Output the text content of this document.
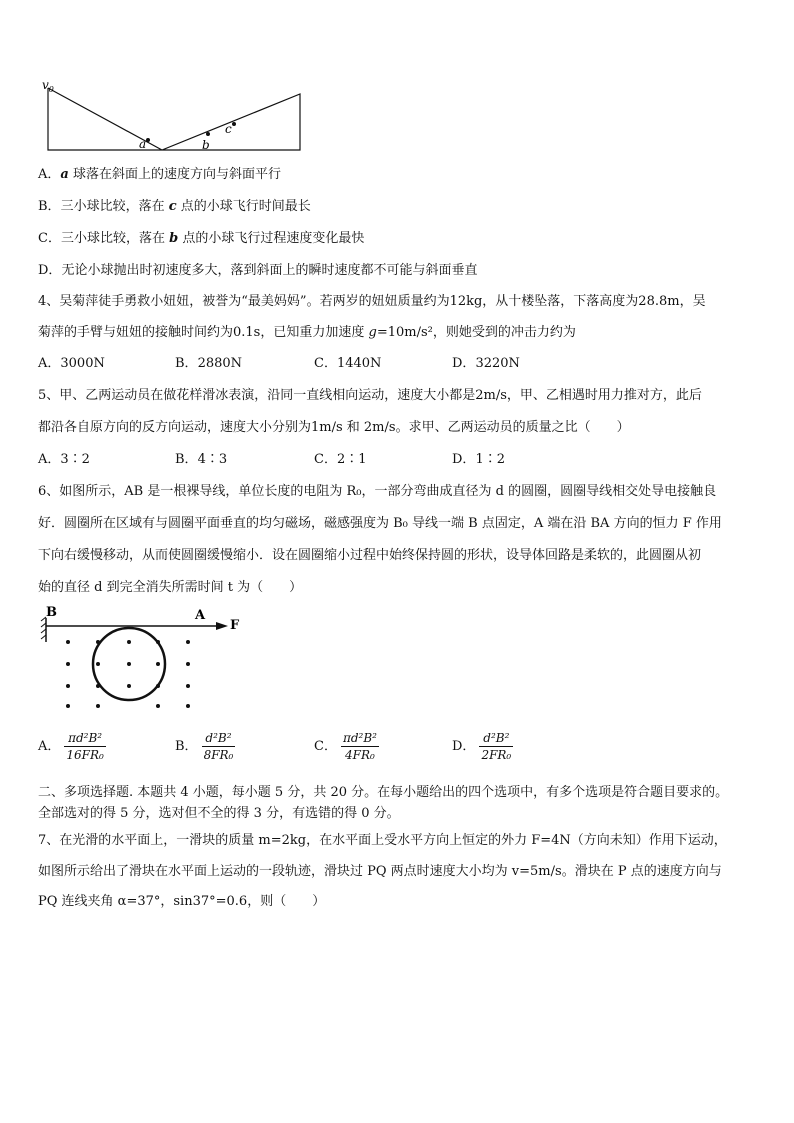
$v_0$
a	b
c
A．a 球落在斜面上的速度方向与斜面平行
B．三小球比较，落在 c 点的小球飞行时间最长
C．三小球比较，落在 b 点的小球飞行过程速度变化最快
D．无论小球抛出时初速度多大，落到斜面上的瞬时速度都不可能与斜面垂直
4、吴菊萍徒手勇救小妞妞，被誉为“最美妈妈”。若两岁的妞妞质量约为12kg，从十楼坠落，下落高度为28.8m，吴
菊萍的手臂与妞妞的接触时间约为0.1s，已知重力加速度 g=10m/s²，则她受到的冲击力约为
A．3000N	B．2880N	C．1440N	D．3220N
5、甲、乙两运动员在做花样滑冰表演，沿同一直线相向运动，速度大小都是2m/s，甲、乙相遇时用力推对方，此后
都沿各自原方向的反方向运动，速度大小分别为1m/s 和 2m/s。求甲、乙两运动员的质量之比（　　）
A．3∶2	B．4∶3	C．2∶1	D．1∶2
6、如图所示，AB 是一根裸导线，单位长度的电阻为 R₀，一部分弯曲成直径为 d 的圆圈，圆圈导线相交处导电接触良
好．圆圈所在区域有与圆圈平面垂直的均匀磁场，磁感强度为 B₀ 导线一端 B 点固定，A 端在沿 BA 方向的恒力 F 作用
下向右缓慢移动，从而使圆圈缓慢缩小．设在圆圈缩小过程中始终保持圆的形状，设导体回路是柔软的，此圆圈从初
始的直径 d 到完全消失所需时间 t 为（　　）
B	A
F
A． $\frac{\text{πd²B²}}{\text{16FR₀}}$	B． $\frac{\text{d²B²}}{\text{8FR₀}}$	C． $\frac{\text{πd²B²}}{\text{4FR₀}}$	D． $\frac{\text{d²B²}}{\text{2FR₀}}$
二、多项选择题. 本题共 4 小题，每小题 5 分，共 20 分。在每小题给出的四个选项中，有多个选项是符合题目要求的。
全部选对的得 5 分，选对但不全的得 3 分，有选错的得 0 分。
7、在光滑的水平面上，一滑块的质量 m=2kg，在水平面上受水平方向上恒定的外力 F=4N（方向未知）作用下运动，
如图所示给出了滑块在水平面上运动的一段轨迹，滑块过 PQ 两点时速度大小均为 v=5m/s。滑块在 P 点的速度方向与
PQ 连线夹角 α=37°，sin37°=0.6，则（　　）
